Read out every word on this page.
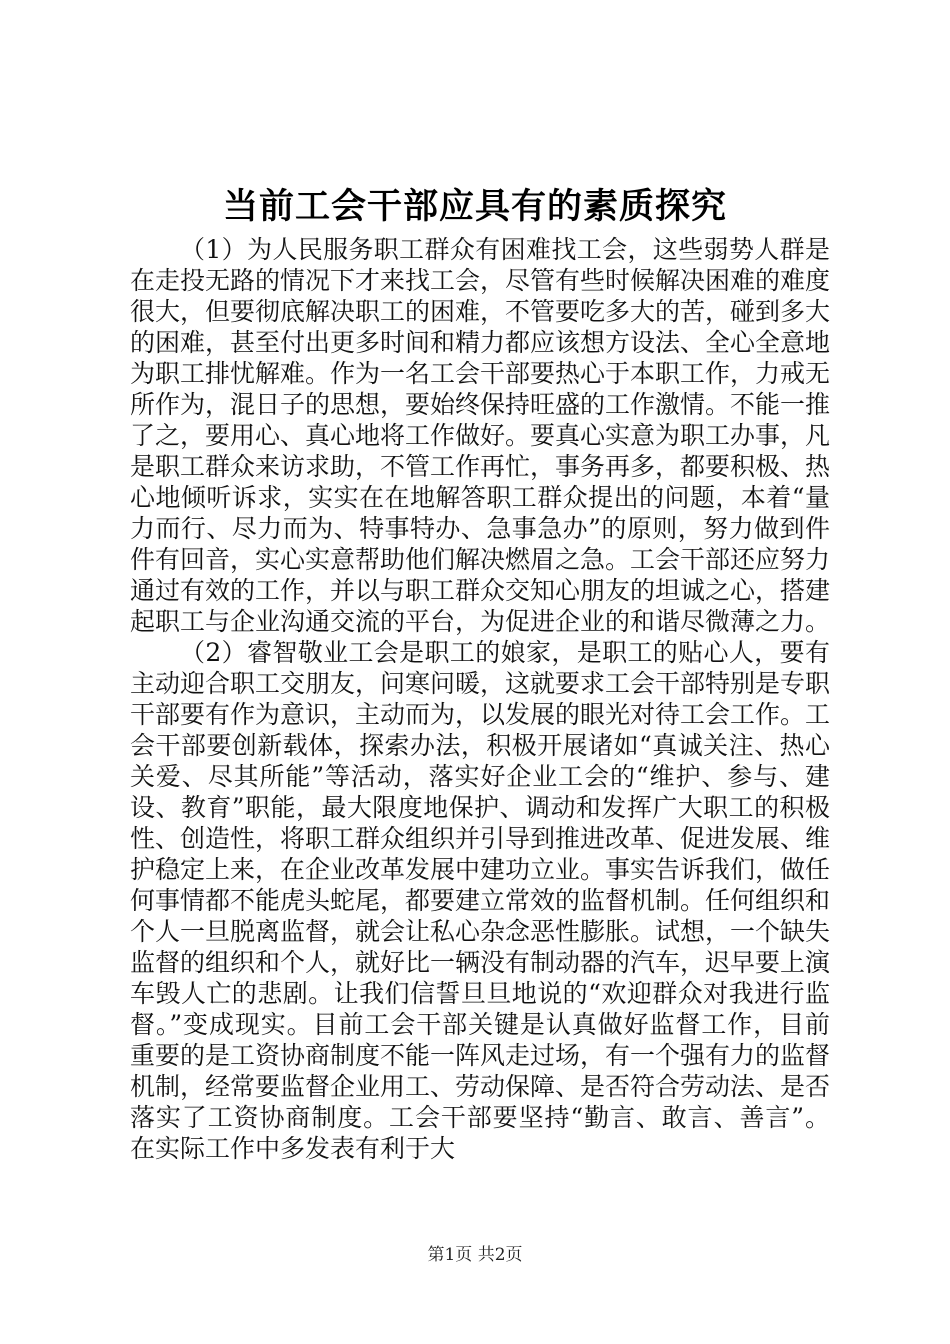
当前工会干部应具有的素质探究

（1）为人民服务职工群众有困难找工会，这些弱势人群是在走投无路的情况下才来找工会，尽管有些时候解决困难的难度很大，但要彻底解决职工的困难，不管要吃多大的苦，碰到多大的困难，甚至付出更多时间和精力都应该想方设法、全心全意地为职工排忧解难。作为一名工会干部要热心于本职工作，力戒无所作为，混日子的思想，要始终保持旺盛的工作激情。不能一推了之，要用心、真心地将工作做好。要真心实意为职工办事，凡是职工群众来访求助，不管工作再忙，事务再多，都要积极、热心地倾听诉求，实实在在地解答职工群众提出的问题，本着“量力而行、尽力而为、特事特办、急事急办”的原则，努力做到件件有回音，实心实意帮助他们解决燃眉之急。工会干部还应努力通过有效的工作，并以与职工群众交知心朋友的坦诚之心，搭建起职工与企业沟通交流的平台，为促进企业的和谐尽微薄之力。

（2）睿智敬业工会是职工的娘家，是职工的贴心人，要有主动迎合职工交朋友，问寒问暖，这就要求工会干部特别是专职干部要有作为意识，主动而为，以发展的眼光对待工会工作。工会干部要创新载体，探索办法，积极开展诸如“真诚关注、热心关爱、尽其所能”等活动，落实好企业工会的“维护、参与、建设、教育”职能，最大限度地保护、调动和发挥广大职工的积极性、创造性，将职工群众组织并引导到推进改革、促进发展、维护稳定上来，在企业改革发展中建功立业。事实告诉我们，做任何事情都不能虎头蛇尾，都要建立常效的监督机制。任何组织和个人一旦脱离监督，就会让私心杂念恶性膨胀。试想，一个缺失监督的组织和个人，就好比一辆没有制动器的汽车，迟早要上演车毁人亡的悲剧。让我们信誓旦旦地说的“欢迎群众对我进行监督。”变成现实。目前工会干部关键是认真做好监督工作，目前重要的是工资协商制度不能一阵风走过场，有一个强有力的监督机制，经常要监督企业用工、劳动保障、是否符合劳动法、是否落实了工资协商制度。工会干部要坚持“勤言、敢言、善言”。在实际工作中多发表有利于大

第1页 共2页
